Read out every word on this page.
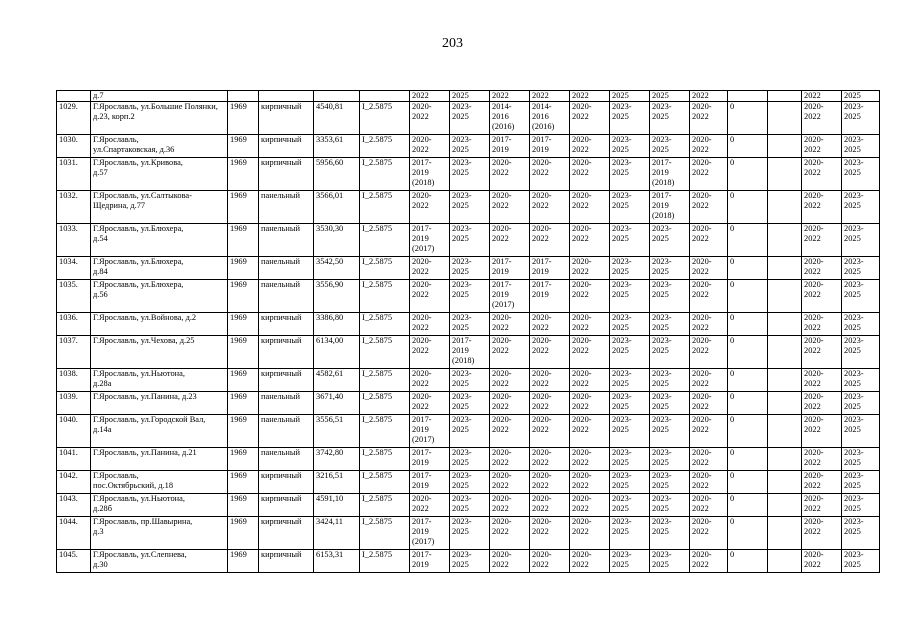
203
	д.7					2022	2025	2022	2022	2022	2025	2025	2022			2022	2025
1029.	Г.Ярославль, ул.Большие Полянки, д.23, корп.2	1969	кирпичный	4540,81	I_2.5875	2020-
2022	2023-
2025	2014-
2016
(2016)	2014-
2016
(2016)	2020-
2022	2023-
2025	2023-
2025	2020-
2022	0		2020-
2022	2023-
2025
1030.	Г.Ярославль,
ул.Спартаковская, д.36	1969	кирпичный	3353,61	I_2.5875	2020-
2022	2023-
2025	2017-
2019	2017-
2019	2020-
2022	2023-
2025	2023-
2025	2020-
2022	0		2020-
2022	2023-
2025
1031.	Г.Ярославль, ул.Кривова,
д.57	1969	кирпичный	5956,60	I_2.5875	2017-
2019
(2018)	2023-
2025	2020-
2022	2020-
2022	2020-
2022	2023-
2025	2017-
2019
(2018)	2020-
2022	0		2020-
2022	2023-
2025
1032.	Г.Ярославль, ул.Салтыкова-Щедрина, д.77	1969	панельный	3566,01	I_2.5875	2020-
2022	2023-
2025	2020-
2022	2020-
2022	2020-
2022	2023-
2025	2017-
2019
(2018)	2020-
2022	0		2020-
2022	2023-
2025
1033.	Г.Ярославль, ул.Блюхера,
д.54	1969	панельный	3530,30	I_2.5875	2017-
2019
(2017)	2023-
2025	2020-
2022	2020-
2022	2020-
2022	2023-
2025	2023-
2025	2020-
2022	0		2020-
2022	2023-
2025
1034.	Г.Ярославль, ул.Блюхера,
д.84	1969	панельный	3542,50	I_2.5875	2020-
2022	2023-
2025	2017-
2019	2017-
2019	2020-
2022	2023-
2025	2023-
2025	2020-
2022	0		2020-
2022	2023-
2025
1035.	Г.Ярославль, ул.Блюхера,
д.56	1969	панельный	3556,90	I_2.5875	2020-
2022	2023-
2025	2017-
2019
(2017)	2017-
2019	2020-
2022	2023-
2025	2023-
2025	2020-
2022	0		2020-
2022	2023-
2025
1036.	Г.Ярославль, ул.Войнова, д.2	1969	кирпичный	3386,80	I_2.5875	2020-
2022	2023-
2025	2020-
2022	2020-
2022	2020-
2022	2023-
2025	2023-
2025	2020-
2022	0		2020-
2022	2023-
2025
1037.	Г.Ярославль, ул.Чехова, д.25	1969	кирпичный	6134,00	I_2.5875	2020-
2022	2017-
2019
(2018)	2020-
2022	2020-
2022	2020-
2022	2023-
2025	2023-
2025	2020-
2022	0		2020-
2022	2023-
2025
1038.	Г.Ярославль, ул.Ньютона,
д.28а	1969	кирпичный	4582,61	I_2.5875	2020-
2022	2023-
2025	2020-
2022	2020-
2022	2020-
2022	2023-
2025	2023-
2025	2020-
2022	0		2020-
2022	2023-
2025
1039.	Г.Ярославль, ул.Панина, д.23	1969	панельный	3671,40	I_2.5875	2020-
2022	2023-
2025	2020-
2022	2020-
2022	2020-
2022	2023-
2025	2023-
2025	2020-
2022	0		2020-
2022	2023-
2025
1040.	Г.Ярославль, ул.Городской Вал, д.14а	1969	панельный	3556,51	I_2.5875	2017-
2019
(2017)	2023-
2025	2020-
2022	2020-
2022	2020-
2022	2023-
2025	2023-
2025	2020-
2022	0		2020-
2022	2023-
2025
1041.	Г.Ярославль, ул.Панина, д.21	1969	панельный	3742,80	I_2.5875	2017-
2019	2023-
2025	2020-
2022	2020-
2022	2020-
2022	2023-
2025	2023-
2025	2020-
2022	0		2020-
2022	2023-
2025
1042.	Г.Ярославль,
пос.Октябрьский, д.18	1969	кирпичный	3216,51	I_2.5875	2017-
2019	2023-
2025	2020-
2022	2020-
2022	2020-
2022	2023-
2025	2023-
2025	2020-
2022	0		2020-
2022	2023-
2025
1043.	Г.Ярославль, ул.Ньютона,
д.28б	1969	кирпичный	4591,10	I_2.5875	2020-
2022	2023-
2025	2020-
2022	2020-
2022	2020-
2022	2023-
2025	2023-
2025	2020-
2022	0		2020-
2022	2023-
2025
1044.	Г.Ярославль, пр.Шавырина,
д.3	1969	кирпичный	3424,11	I_2.5875	2017-
2019
(2017)	2023-
2025	2020-
2022	2020-
2022	2020-
2022	2023-
2025	2023-
2025	2020-
2022	0		2020-
2022	2023-
2025
1045.	Г.Ярославль, ул.Слепнева,
д.30	1969	кирпичный	6153,31	I_2.5875	2017-
2019	2023-
2025	2020-
2022	2020-
2022	2020-
2022	2023-
2025	2023-
2025	2020-
2022	0		2020-
2022	2023-
2025
